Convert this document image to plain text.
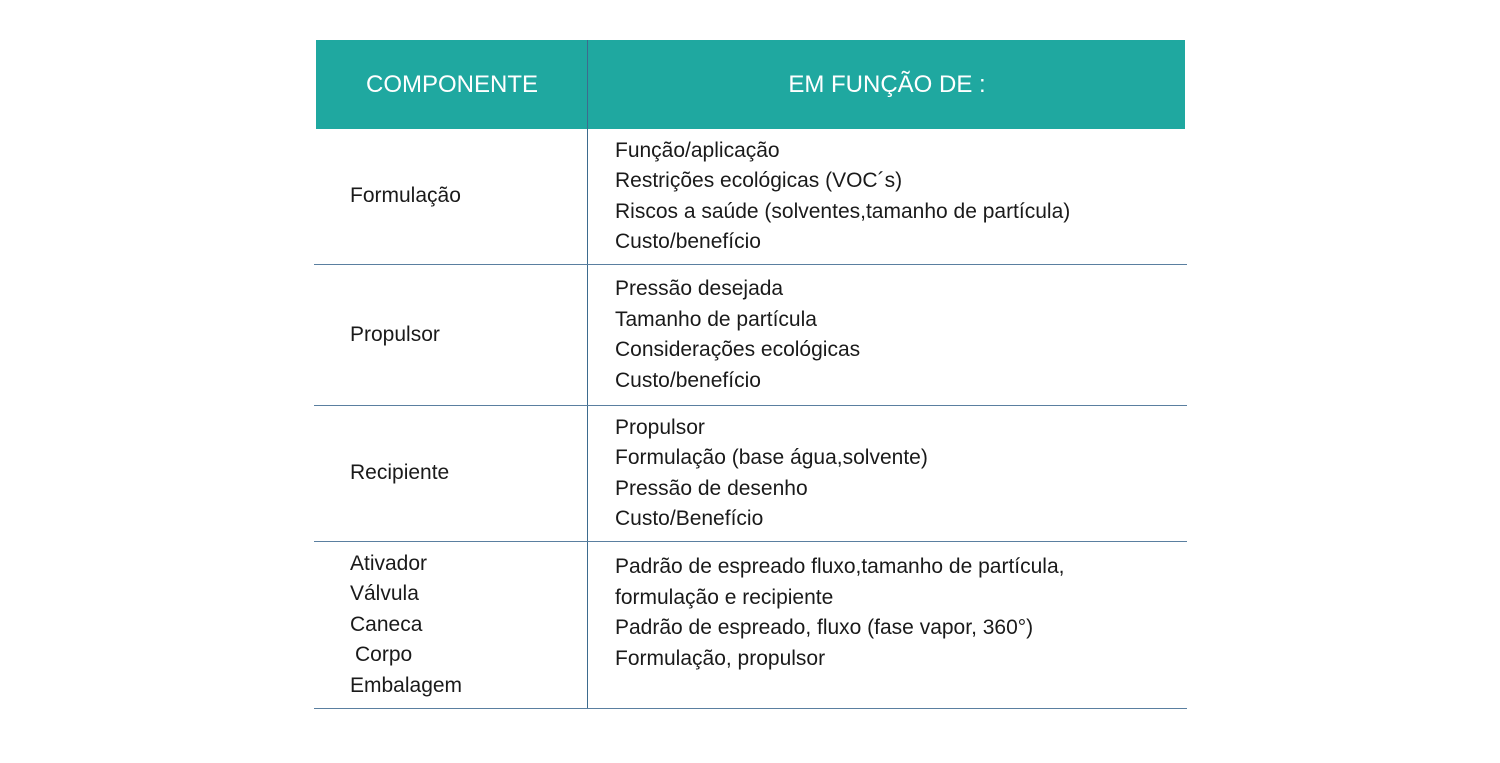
COMPONENTE	EM FUNÇÃO DE :
Formulação
Função/aplicação
Restrições ecológicas (VOC´s)
Riscos a saúde (solventes,tamanho de partícula)
Custo/benefício
Propulsor
Pressão desejada
Tamanho de partícula
Considerações ecológicas
Custo/benefício
Recipiente
Propulsor
Formulação (base água,solvente)
Pressão de desenho
Custo/Benefício
Ativador
Válvula
Caneca
Corpo
Embalagem
Padrão de espreado fluxo,tamanho de partícula,
formulação e recipiente
Padrão de espreado, fluxo (fase vapor, 360°)
Formulação, propulsor
